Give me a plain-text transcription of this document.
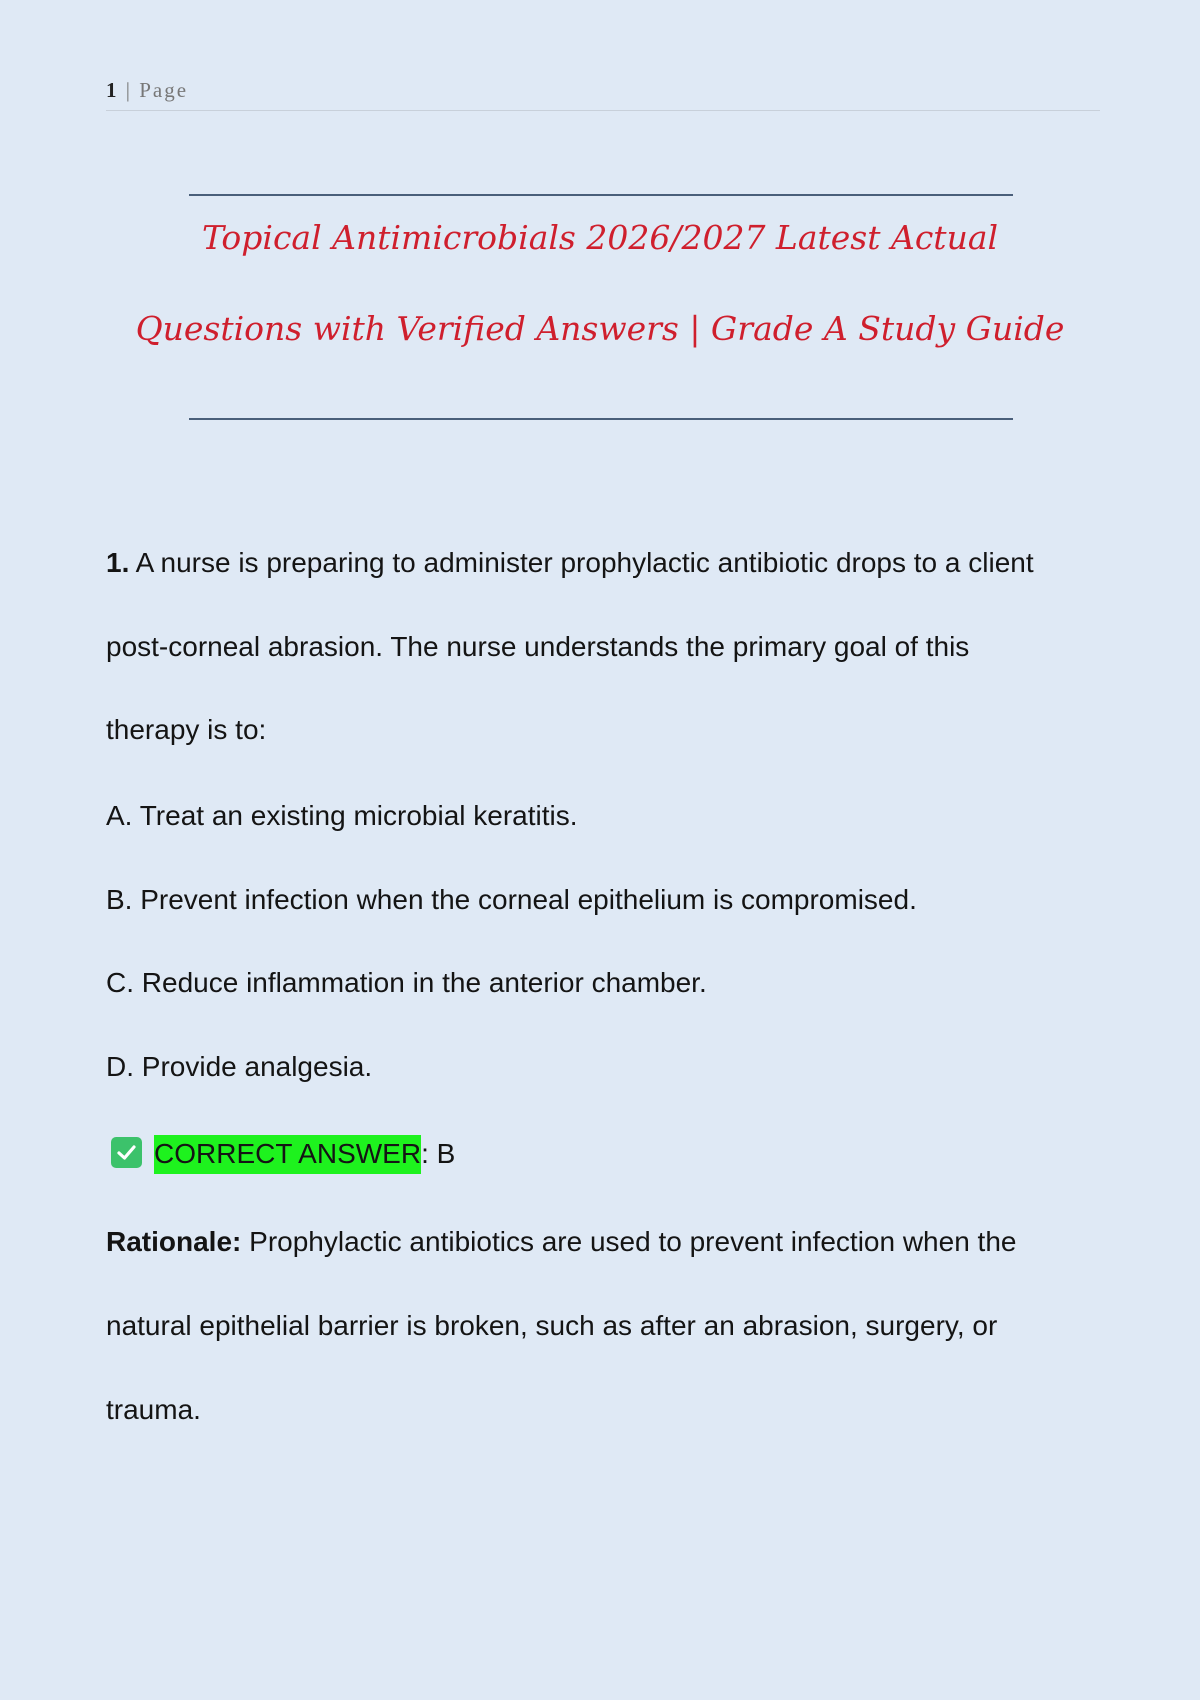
1 | Page
Topical Antimicrobials 2026/2027 Latest Actual
Questions with Verified Answers | Grade A Study Guide
1. A nurse is preparing to administer prophylactic antibiotic drops to a client
post-corneal abrasion. The nurse understands the primary goal of this
therapy is to:
A. Treat an existing microbial keratitis.
B. Prevent infection when the corneal epithelium is compromised.
C. Reduce inflammation in the anterior chamber.
D. Provide analgesia.
CORRECT ANSWER: B
Rationale: Prophylactic antibiotics are used to prevent infection when the
natural epithelial barrier is broken, such as after an abrasion, surgery, or
trauma.
